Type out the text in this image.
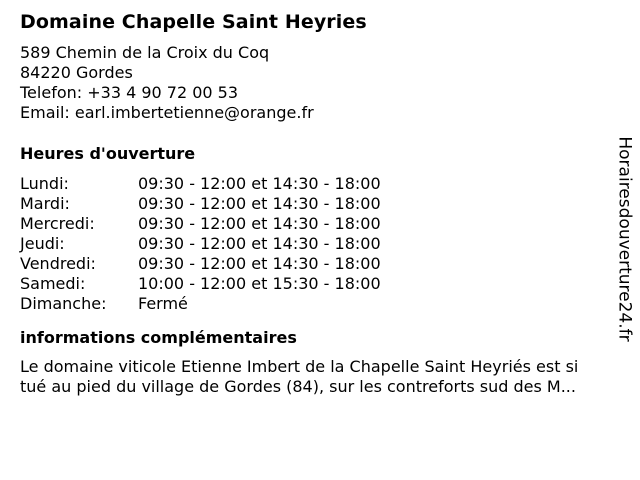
Domaine Chapelle Saint Heyries
589 Chemin de la Croix du Coq
84220 Gordes
Telefon: +33 4 90 72 00 53
Email: earl.imbertetienne@orange.fr
Heures d'ouverture
Lundi:	09:30 - 12:00 et 14:30 - 18:00
Mardi:	09:30 - 12:00 et 14:30 - 18:00
Mercredi:	09:30 - 12:00 et 14:30 - 18:00
Jeudi:	09:30 - 12:00 et 14:30 - 18:00
Vendredi:	09:30 - 12:00 et 14:30 - 18:00
Samedi:	10:00 - 12:00 et 15:30 - 18:00
Dimanche:	Fermé
informations complémentaires
Le domaine viticole Etienne Imbert de la Chapelle Saint Heyriés est si
tué au pied du village de Gordes (84), sur les contreforts sud des M...
Horairesdouverture24.fr
